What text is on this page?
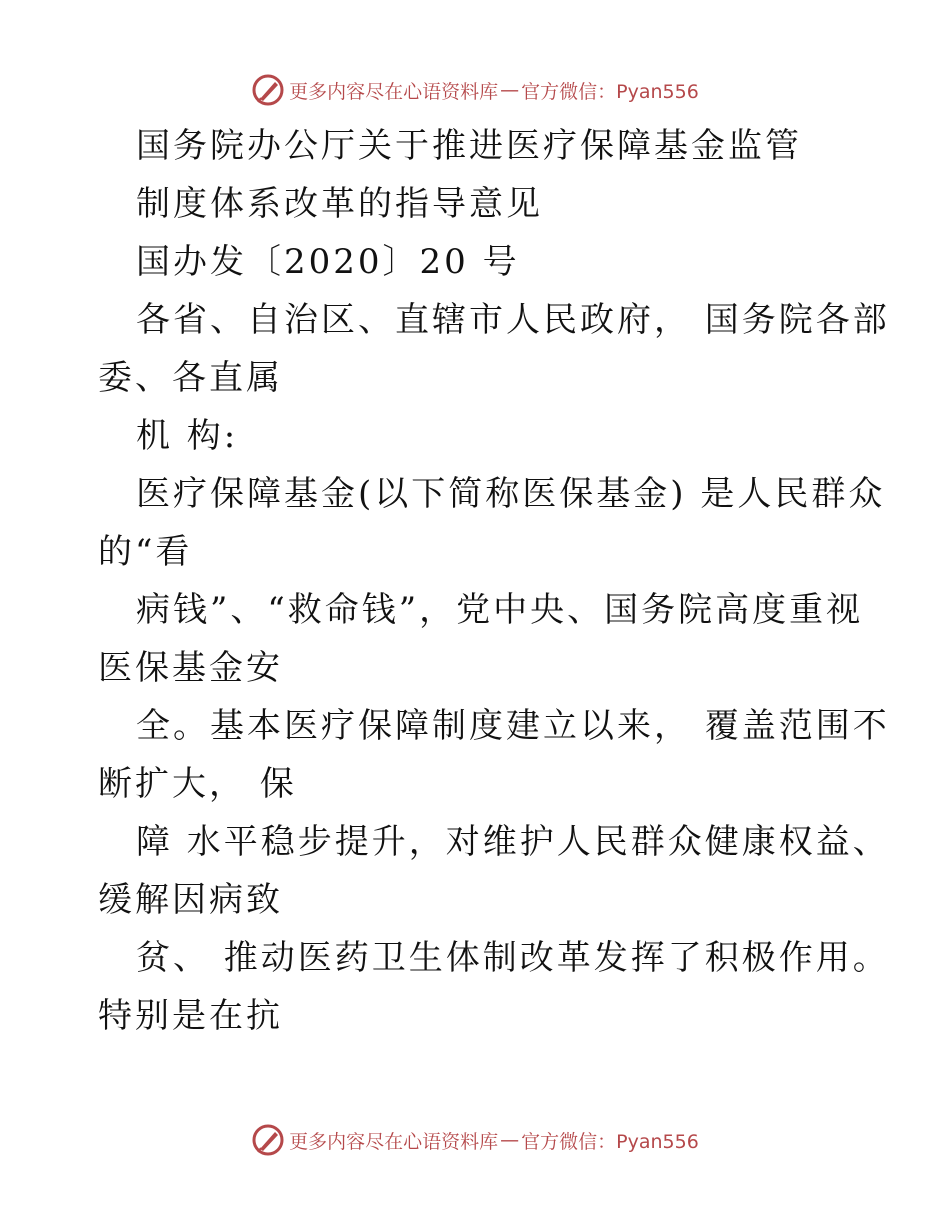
更多内容尽在心语资料库 — 官方微信：Pyan556
国务院办公厅关于推进医疗保障基金监管
制度体系改革的指导意见
国办发〔2020〕20 号
各省、自治区、直辖市人民政府， 国务院各部
委、各直属
机 构:
医疗保障基金(以下简称医保基金) 是人民群众
的“看
病钱”、“救命钱”，党中央、国务院高度重视
医保基金安
全。基本医疗保障制度建立以来， 覆盖范围不
断扩大， 保
障 水平稳步提升，对维护人民群众健康权益、
缓解因病致
贫、 推动医药卫生体制改革发挥了积极作用。
特别是在抗
更多内容尽在心语资料库 — 官方微信：Pyan556
